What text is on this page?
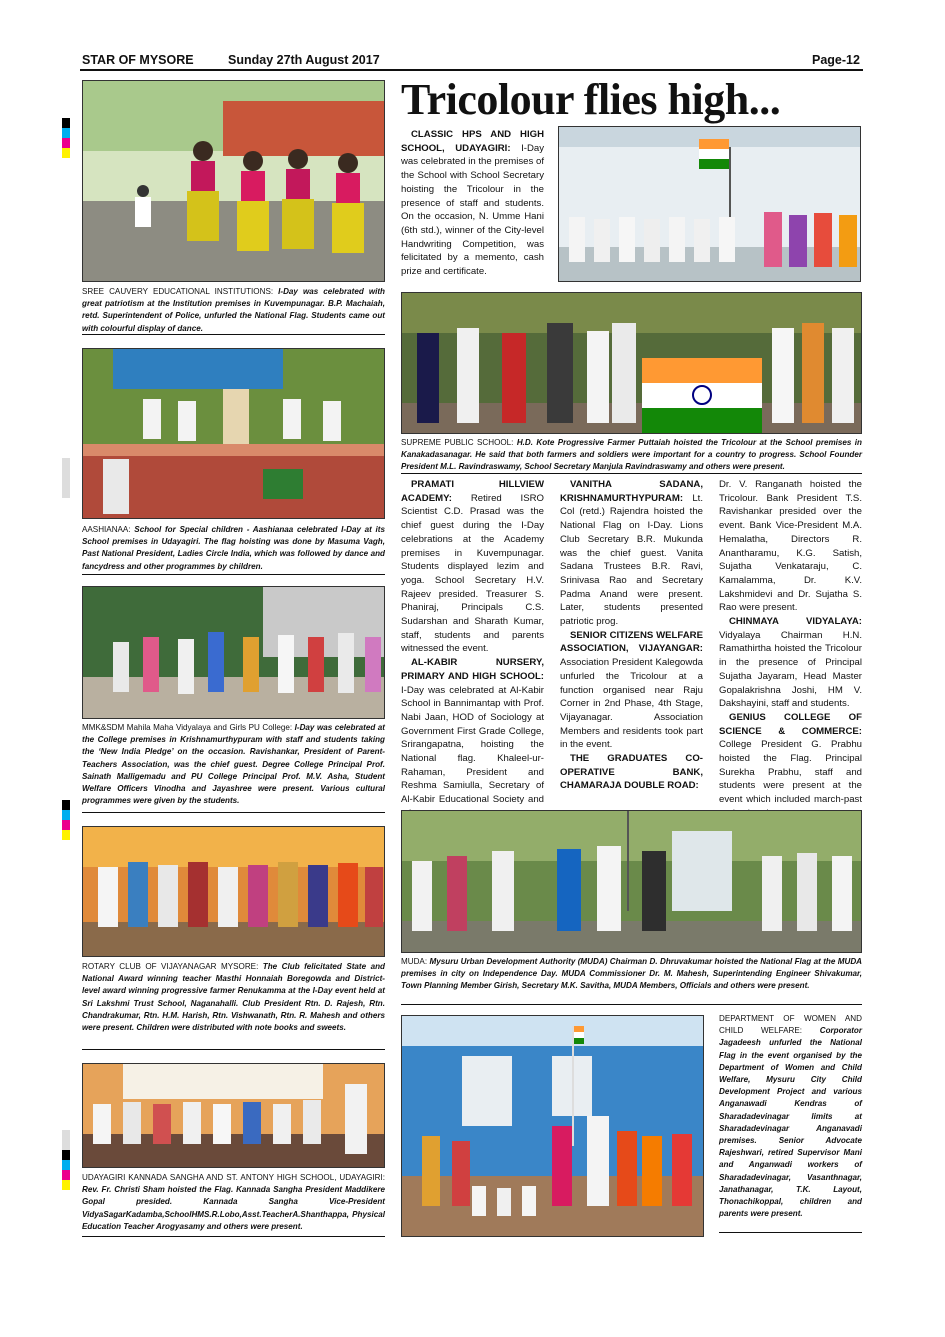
STAR OF MYSORE	Sunday 27th August 2017	Page-12
Tricolour flies high...
SREE CAUVERY EDUCATIONAL INSTITUTIONS: I-Day was celebrated with great patriotism at the Institution premises in Kuvempunagar. B.P. Machaiah, retd. Superintendent of Police, unfurled the National Flag. Students came out with colourful display of dance.
AASHIANAA: School for Special children - Aashianaa celebrated I-Day at its School premises in Udayagiri. The flag hoisting was done by Masuma Vagh, Past National President, Ladies Circle India, which was followed by dance and fancydress and other programmes by children.
MMK&SDM Mahila Maha Vidyalaya and Girls PU College: I-Day was celebrated at the College premises in Krishnamurthypuram with staff and students taking the ‘New India Pledge’ on the occasion. Ravishankar, President of Parent-Teachers Association, was the chief guest. Degree College Principal Prof. Sainath Malligemadu and PU College Principal Prof. M.V. Asha, Student Welfare Officers Vinodha and Jayashree were present. Various cultural programmes were given by the students.
ROTARY CLUB OF VIJAYANAGAR MYSORE: The Club felicitated State and National Award winning teacher Masthi Honnaiah Boregowda and District-level award winning progressive farmer Renukamma at the I-Day event held at Sri Lakshmi Trust School, Naganahalli. Club President Rtn. D. Rajesh, Rtn. Chandrakumar, Rtn. H.M. Harish, Rtn. Vishwanath, Rtn. R. Mahesh and others were present. Children were distributed with note books and sweets.
UDAYAGIRI KANNADA SANGHA AND ST. ANTONY HIGH SCHOOL, UDAYAGIRI: Rev. Fr. Christi Sham hoisted the Flag. Kannada Sangha President Maddikere Gopal presided. Kannada Sangha Vice-President VidyaSagarKadamba,SchoolHMS.R.Lobo,Asst.TeacherA.Shanthappa, Physical Education Teacher Arogyasamy and others were present.

CLASSIC HPS AND HIGH SCHOOL, UDAYAGIRI: I-Day was celebrated in the premises of the School with School Secretary hoisting the Tricolour in the presence of staff and students. On the occasion, N. Umme Hani (6th std.), winner of the City-level Handwriting Competition, was felicitated by a memento, cash prize and certificate.

SUPREME PUBLIC SCHOOL: H.D. Kote Progressive Farmer Puttaiah hoisted the Tricolour at the School premises in Kanakadasanagar. He said that both farmers and soldiers were important for a country to progress. School Founder President M.L. Ravindraswamy, School Secretary Manjula Ravindraswamy and others were present.

PRAMATI HILLVIEW ACADEMY: Retired ISRO Scientist C.D. Prasad was the chief guest during the I-Day celebrations at the Academy premises in Kuvempunagar. Students displayed lezim and yoga. School Secretary H.V. Rajeev presided. Treasurer S. Phaniraj, Principals C.S. Sudarshan and Sharath Kumar, staff, students and parents witnessed the event.

AL-KABIR NURSERY, PRIMARY AND HIGH SCHOOL: I-Day was celebrated at Al-Kabir School in Bannimantap with Prof. Nabi Jaan, HOD of Sociology at Government First Grade College, Srirangapatna, hoisting the National flag. Khaleel-ur-Rahaman, President and Reshma Samiulla, Secretary of Al-Kabir Educational Society and

VANITHA SADANA, KRISHNAMURTHYPURAM: Lt. Col (retd.) Rajendra hoisted the National Flag on I-Day. Lions Club Secretary B.R. Mukunda was the chief guest. Vanita Sadana Trustees B.R. Ravi, Srinivasa Rao and Secretary Padma Anand were present. Later, students presented patriotic prog.

SENIOR CITIZENS WELFARE ASSOCIATION, VIJAYANGAR: Association President Kalegowda unfurled the Tricolour at a function organised near Raju Corner in 2nd Phase, 4th Stage, Vijayanagar. Association Members and residents took part in the event.

THE GRADUATES CO-OPERATIVE BANK, CHAMARAJA DOUBLE ROAD:

Dr. V. Ranganath hoisted the Tricolour. Bank President T.S. Ravishankar presided over the event. Bank Vice-President M.A. Hemalatha, Directors R. Anantharamu, K.G. Satish, Sujatha Venkataraju, C. Kamalamma, Dr. K.V. Lakshmidevi and Dr. Sujatha S. Rao were present.

CHINMAYA VIDYALAYA: Vidyalaya Chairman H.N. Ramathirtha hoisted the Tricolour in the presence of Principal Sujatha Jayaram, Head Master Gopalakrishna Joshi, HM V. Dakshayini, staff and students.

GENIUS COLLEGE OF SCIENCE & COMMERCE: College President G. Prabhu hoisted the Flag. Principal Surekha Prabhu, staff and students were present at the event which included march-past

MUDA: Mysuru Urban Development Authority (MUDA) Chairman D. Dhruvakumar hoisted the National Flag at the MUDA premises in city on Independence Day. MUDA Commissioner Dr. M. Mahesh, Superintending Engineer Shivakumar, Town Planning Member Girish, Secretary M.K. Savitha, MUDA Members, Officials and others were present.
DEPARTMENT OF WOMEN AND CHILD WELFARE: Corporator Jagadeesh unfurled the National Flag in the event organised by the Department of Women and Child Welfare, Mysuru City Child Development Project and various Anganawadi Kendras of Sharadadevinagar limits at Sharadadevinagar Anganavadi premises. Senior Advocate Rajeshwari, retired Supervisor Mani and Anganwadi workers of Sharadadevinagar, Vasanthnagar, Janathanagar, T.K. Layout, Thonachikoppal, children and parents were present.
